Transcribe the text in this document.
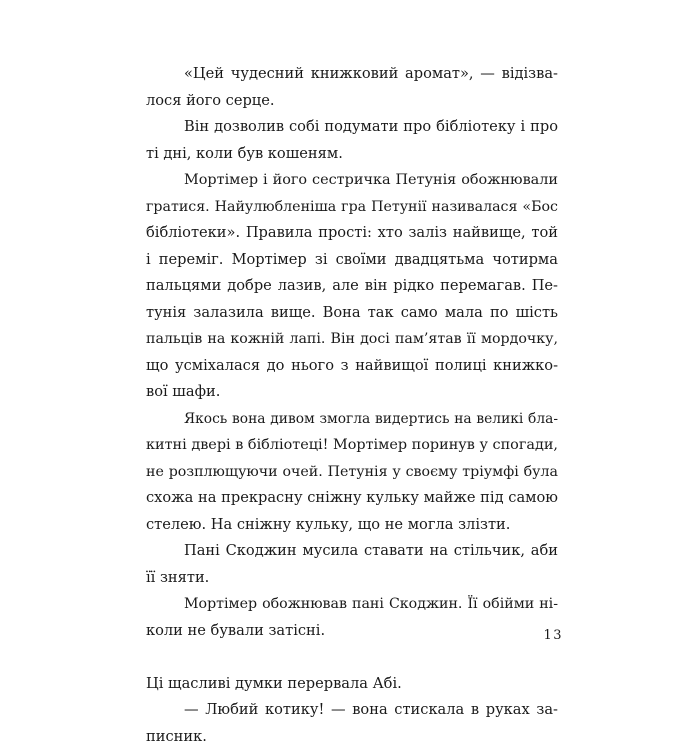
«Цей чудесний книжковий аромат», — відізва-
лося його серце.
Він дозволив собі подумати про бібліотеку і про
ті дні, коли був кошеням.
Мортімер і його сестричка Петунія обожнювали
гратися. Найулюбленіша гра Петунії називалася «Бос
бібліотеки». Правила прості: хто заліз найвище, той
і переміг. Мортімер зі своїми двадцятьма чотирма
пальцями добре лазив, але він рідко перемагав. Пе-
тунія залазила вище. Вона так само мала по шість
пальців на кожній лапі. Він досі пам’ятав її мордочку,
що усміхалася до нього з найвищої полиці книжко-
вої шафи.
Якось вона дивом змогла видертись на великі бла-
китні двері в бібліотеці! Мортімер поринув у спогади,
не розплющуючи очей. Петунія у своєму тріумфі була
схожа на прекрасну сніжну кульку майже під самою
стелею. На сніжну кульку, що не могла злізти.
Пані Скоджин мусила ставати на стільчик, аби
її зняти.
Мортімер обожнював пані Скоджин. Її обійми ні-
коли не бували затісні.
Ці щасливі думки перервала Абі.
— Любий котику! — вона стискала в руках за-
писник.
13
